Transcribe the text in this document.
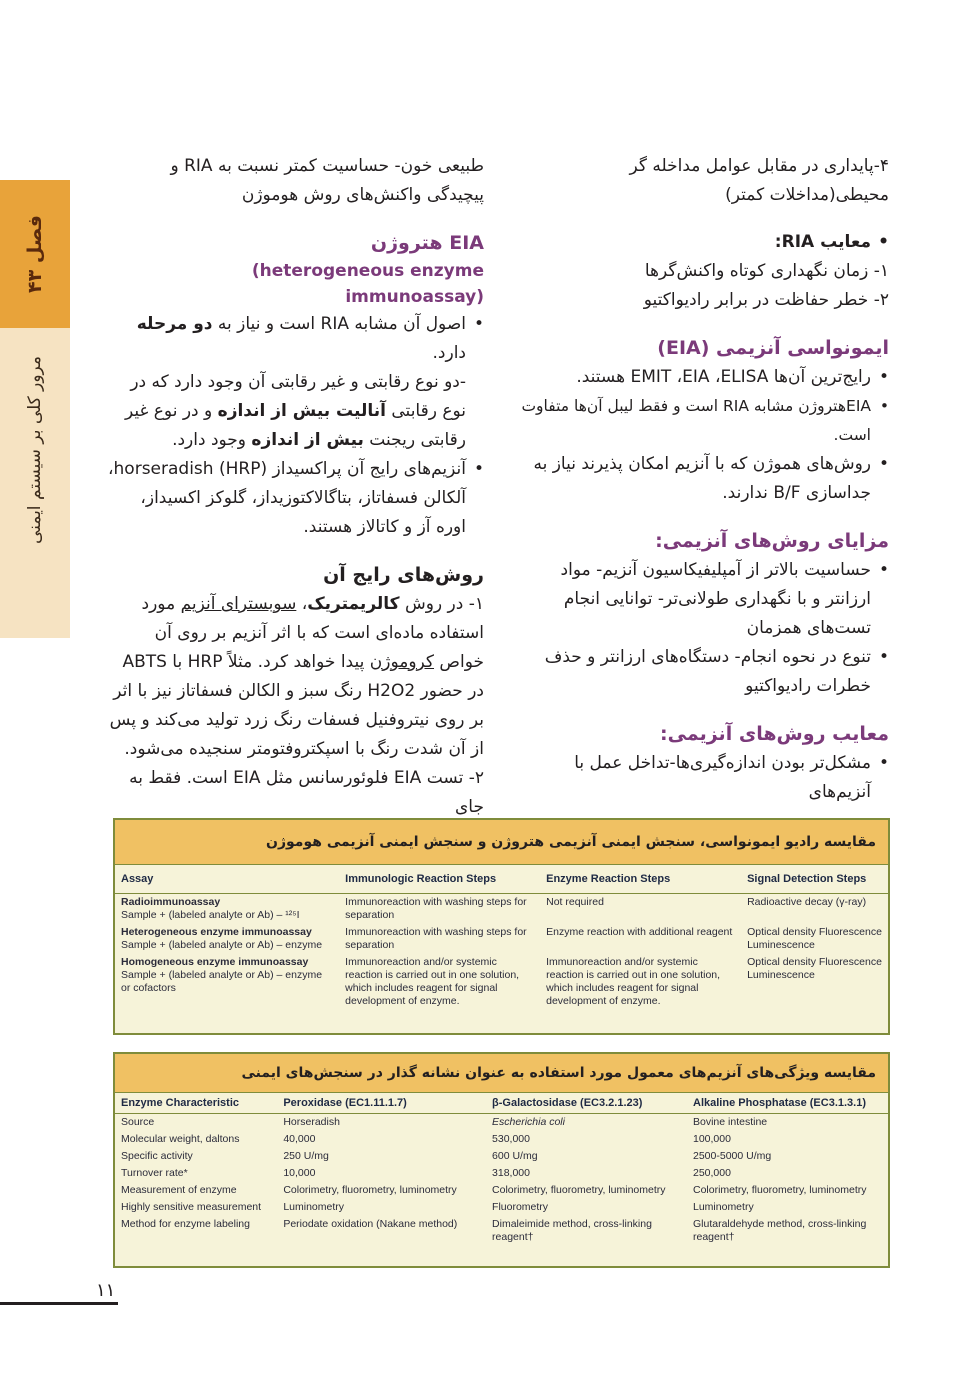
فصل ۴۳
مرور کلی بر سیستم ایمنی

۴-پایداری در مقابل عوامل مداخله گر محیطی(مداخلات کمتر)

• معایب RIA:

۱- زمان نگهداری کوتاه واکنش‌گرها

۲- خطر حفاظت در برابر رادیواکتیو

ایمونواسی آنزیمی (EIA)

• رایج‌ترین آن‌ها EMIT ،EIA ،ELISA هستند.

• EIAهتروژن مشابه RIA است و فقط لیبل آن‌ها متفاوت است.

• روش‌های هموژن که با آنزیم امکان پذیرند نیاز به جداسازی B/F ندارند.

مزایای روش‌های آنزیمی:

• حساسیت بالاتر از آمپلیفیکاسیون آنزیم- مواد ارزانتر و با نگهداری طولانی‌تر- توانایی انجام تست‌های همزمان

• تنوع در نحوه انجام- دستگاه‌های ارزانتر و حذف خطرات رادیواکتیو

معایب روش‌های آنزیمی:

• مشکل‌تر بودن اندازه‌گیری‌ها-تداخل عمل با آنزیم‌های

طبیعی خون- حساسیت کمتر نسبت به RIA و پیچیدگی واکنش‌های روش هوموژن

EIA هتروژن

(heterogeneous enzyme immunoassay)

• اصول آن مشابه RIA است و نیاز به دو مرحله دارد.
-دو نوع رقابتی و غیر رقابتی آن وجود دارد که در نوع رقابتی آنالیت بیش از اندازه و در نوع غیر رقابتی ریجنت بیش از اندازه وجود دارد.

• آنزیم‌های رایج آن پراکسیداز (HRP) horseradish، آلکالن فسفاتاز، بتاگالاکتوزیداز، گلوکز اکسیداز، اوره آز و کاتالاز هستند.

روش‌های رایج آن

۱- در روش کالریمتریک، سوبسترای آنزیم مورد استفاده ماده‌ای است که با اثر آنزیم بر روی آن خواص کروموژن پیدا خواهد کرد. مثلاً HRP با ABTS در حضور H2O2 رنگ سبز و الکالن فسفاتاز نیز با اثر بر روی نیتروفنیل فسفات رنگ زرد تولید می‌کند و پس از آن شدت رنگ با اسپکتروفتومتر سنجیده می‌شود.

۲- تست EIA فلوئورسانس مثل EIA است. فقط به جای

مقایسه رادیو ایمونواسی، سنجش ایمنی آنزیمی هتروژن و سنجش ایمنی آنزیمی هوموژن
Assay	Immunologic Reaction Steps	Enzyme Reaction Steps	Signal Detection Steps
Radioimmunoassay
Sample + (labeled analyte or Ab) – ¹²⁵I	Immunoreaction with washing steps for separation	Not required	Radioactive decay (γ-ray)
Heterogeneous enzyme immunoassay
Sample + (labeled analyte or Ab) – enzyme	Immunoreaction with washing steps for separation	Enzyme reaction with additional reagent	Optical density Fluorescence Luminescence
Homogeneous enzyme immunoassay
Sample + (labeled analyte or Ab) – enzyme or cofactors	Immunoreaction and/or systemic reaction is carried out in one solution, which includes reagent for signal development of enzyme.	Immunoreaction and/or systemic reaction is carried out in one solution, which includes reagent for signal development of enzyme.	Optical density Fluorescence Luminescence
مقایسه ویژگی‌های آنزیم‌های معمول مورد استفاده به عنوان نشانه گذار در سنجش‌های ایمنی
Enzyme Characteristic	Peroxidase (EC1.11.1.7)	β-Galactosidase (EC3.2.1.23)	Alkaline Phosphatase (EC3.1.3.1)
Source	Horseradish	Escherichia coli	Bovine intestine
Molecular weight, daltons	40,000	530,000	100,000
Specific activity	250 U/mg	600 U/mg	2500-5000 U/mg
Turnover rate*	10,000	318,000	250,000
Measurement of enzyme	Colorimetry, fluorometry, luminometry	Colorimetry, fluorometry, luminometry	Colorimetry, fluorometry, luminometry
Highly sensitive measurement	Luminometry	Fluorometry	Luminometry
Method for enzyme labeling	Periodate oxidation (Nakane method)	Dimaleimide method, cross-linking reagent†	Glutaraldehyde method, cross-linking reagent†
۱۱
